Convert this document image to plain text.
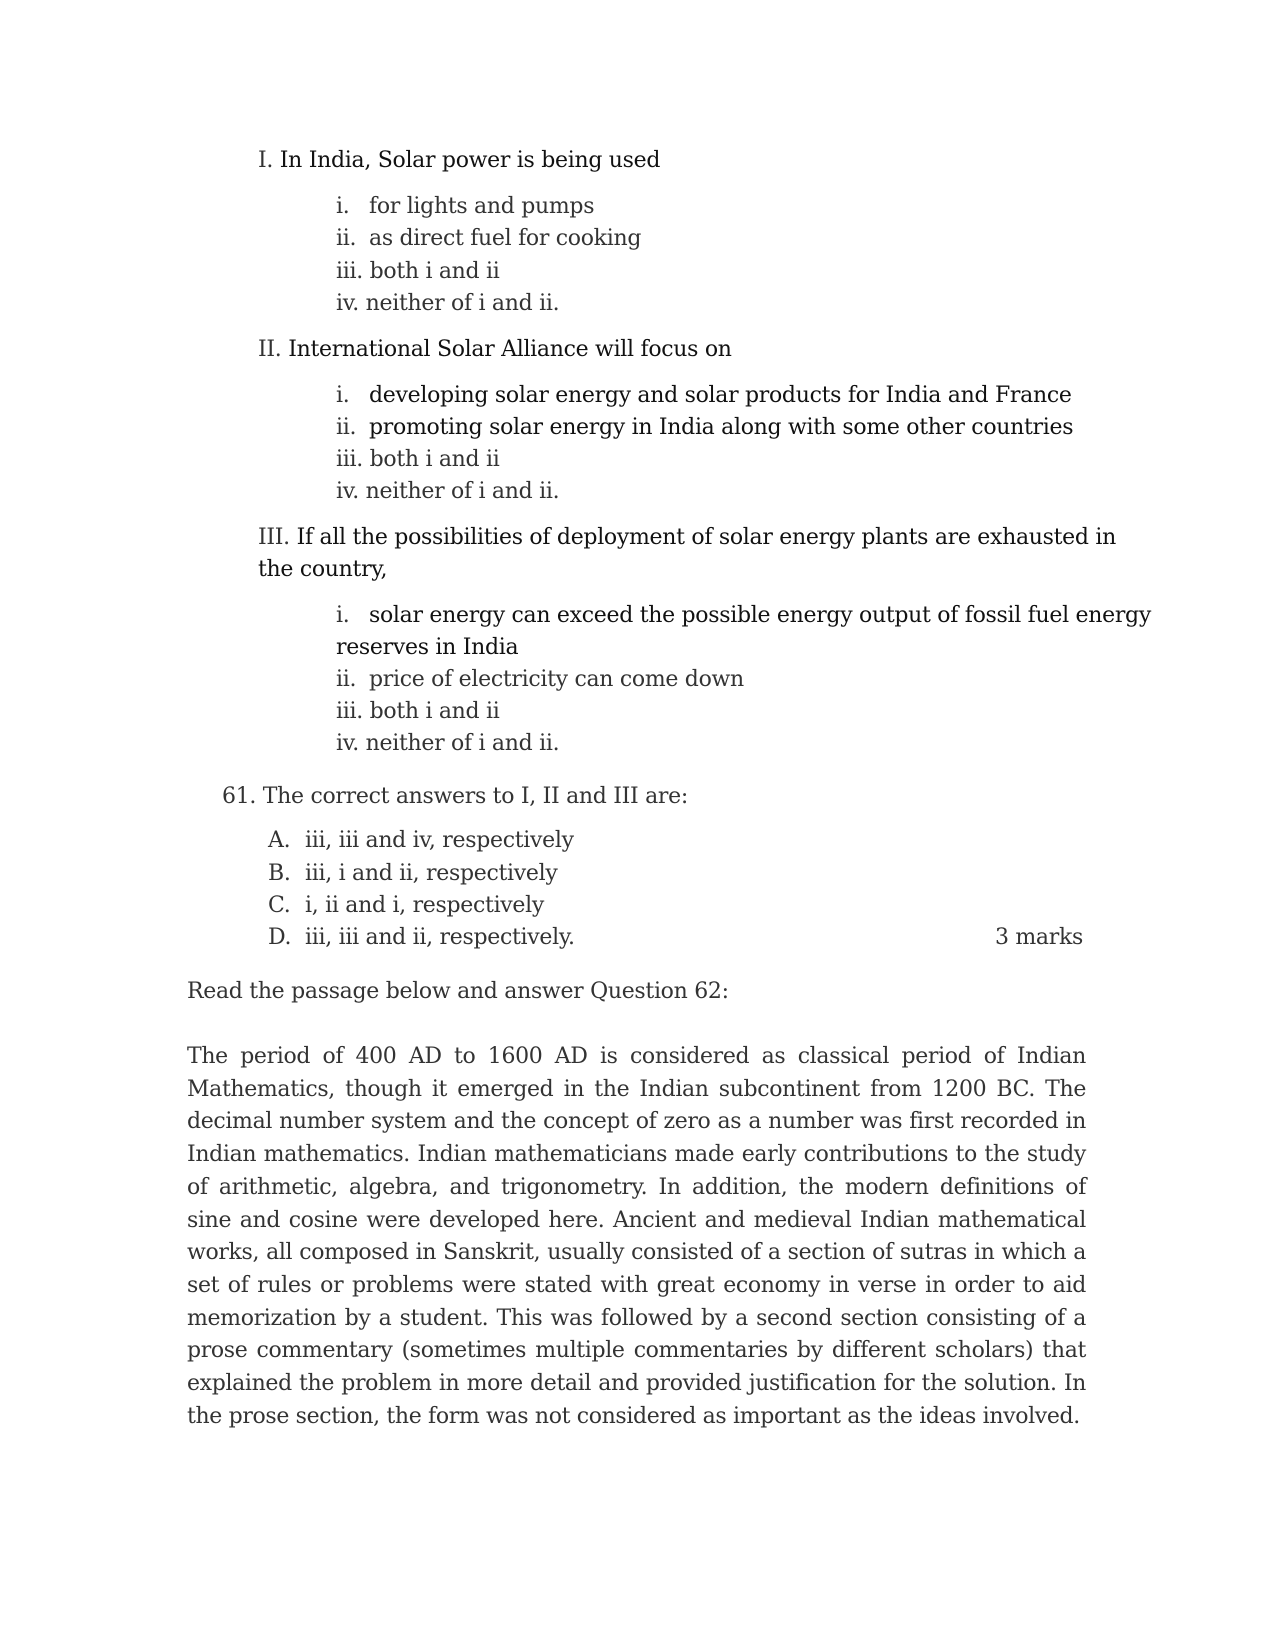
I. In India, Solar power is being used
i. for lights and pumps
ii. as direct fuel for cooking
iii. both i and ii
iv. neither of i and ii.
II. International Solar Alliance will focus on
i. developing solar energy and solar products for India and France
ii. promoting solar energy in India along with some other countries
iii. both i and ii
iv. neither of i and ii.
III. If all the possibilities of deployment of solar energy plants are exhausted in
the country,
i. solar energy can exceed the possible energy output of fossil fuel energy
reserves in India
ii. price of electricity can come down
iii. both i and ii
iv. neither of i and ii.
61. The correct answers to I, II and III are:
A. iii, iii and iv, respectively
B. iii, i and ii, respectively
C. i, ii and i, respectively
D. iii, iii and ii, respectively.	3 marks
Read the passage below and answer Question 62:
The period of 400 AD to 1600 AD is considered as classical period of Indian Mathematics, though it emerged in the Indian subcontinent from 1200 BC. The decimal number system and the concept of zero as a number was first recorded in Indian mathematics. Indian mathematicians made early contributions to the study of arithmetic, algebra, and trigonometry. In addition, the modern definitions of sine and cosine were developed here. Ancient and medieval Indian mathematical works, all composed in Sanskrit, usually consisted of a section of sutras in which a set of rules or problems were stated with great economy in verse in order to aid memorization by a student. This was followed by a second section consisting of a prose commentary (sometimes multiple commentaries by different scholars) that explained the problem in more detail and provided justification for the solution. In the prose section, the form was not considered as important as the ideas involved.
